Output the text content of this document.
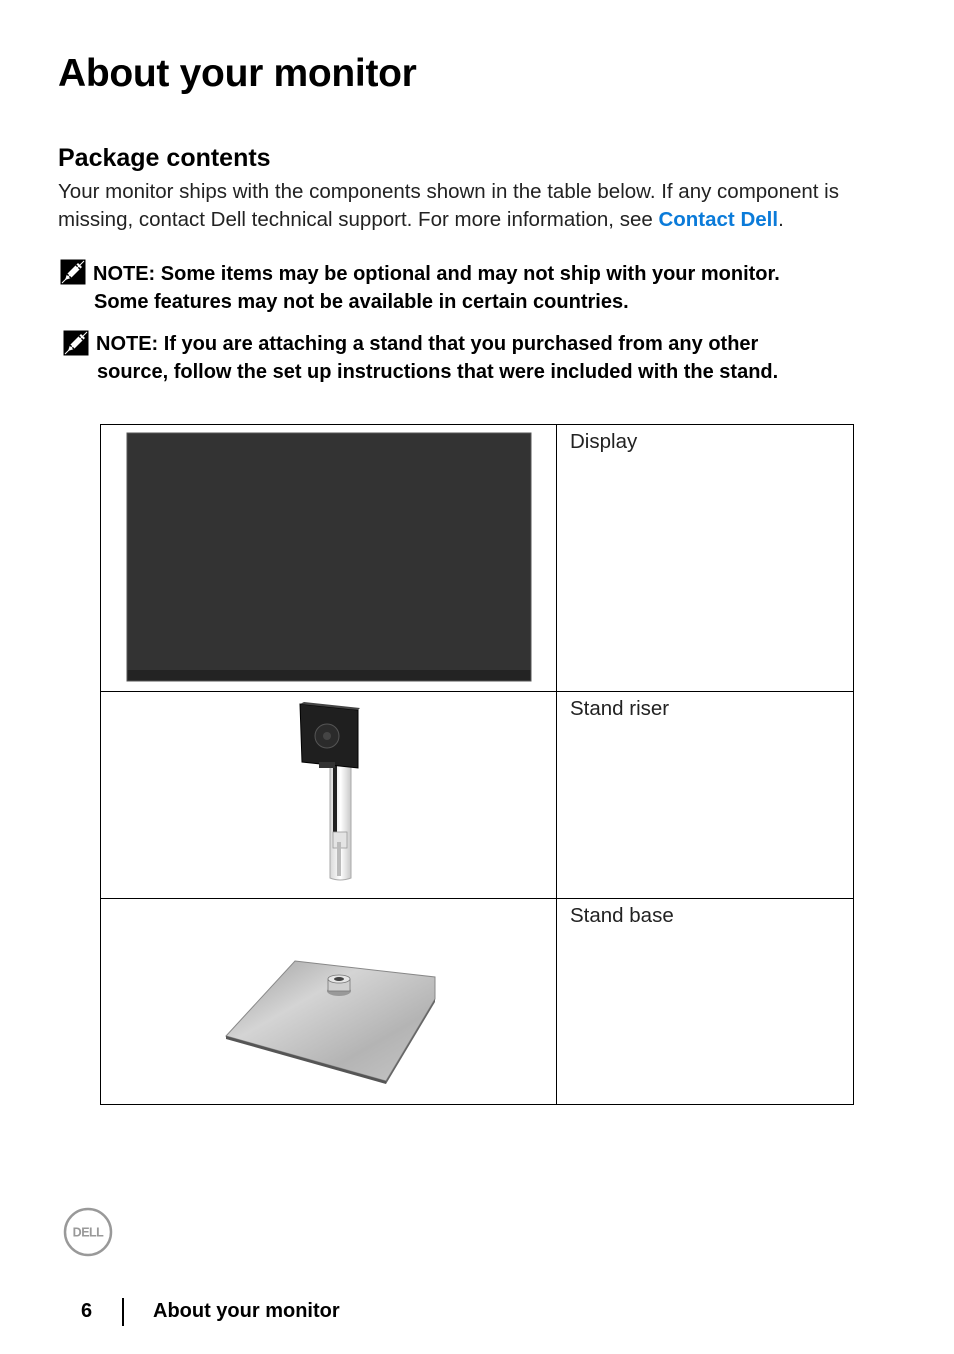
About your monitor
Package contents

Your monitor ships with the components shown in the table below. If any component is missing, contact Dell technical support. For more information, see Contact Dell.

NOTE: Some items may be optional and may not ship with your monitor.

Some features may not be available in certain countries.

NOTE: If you are attaching a stand that you purchased from any other

source, follow the set up instructions that were included with the stand.

Display

Stand riser

Stand base
DELL
6	About your monitor
